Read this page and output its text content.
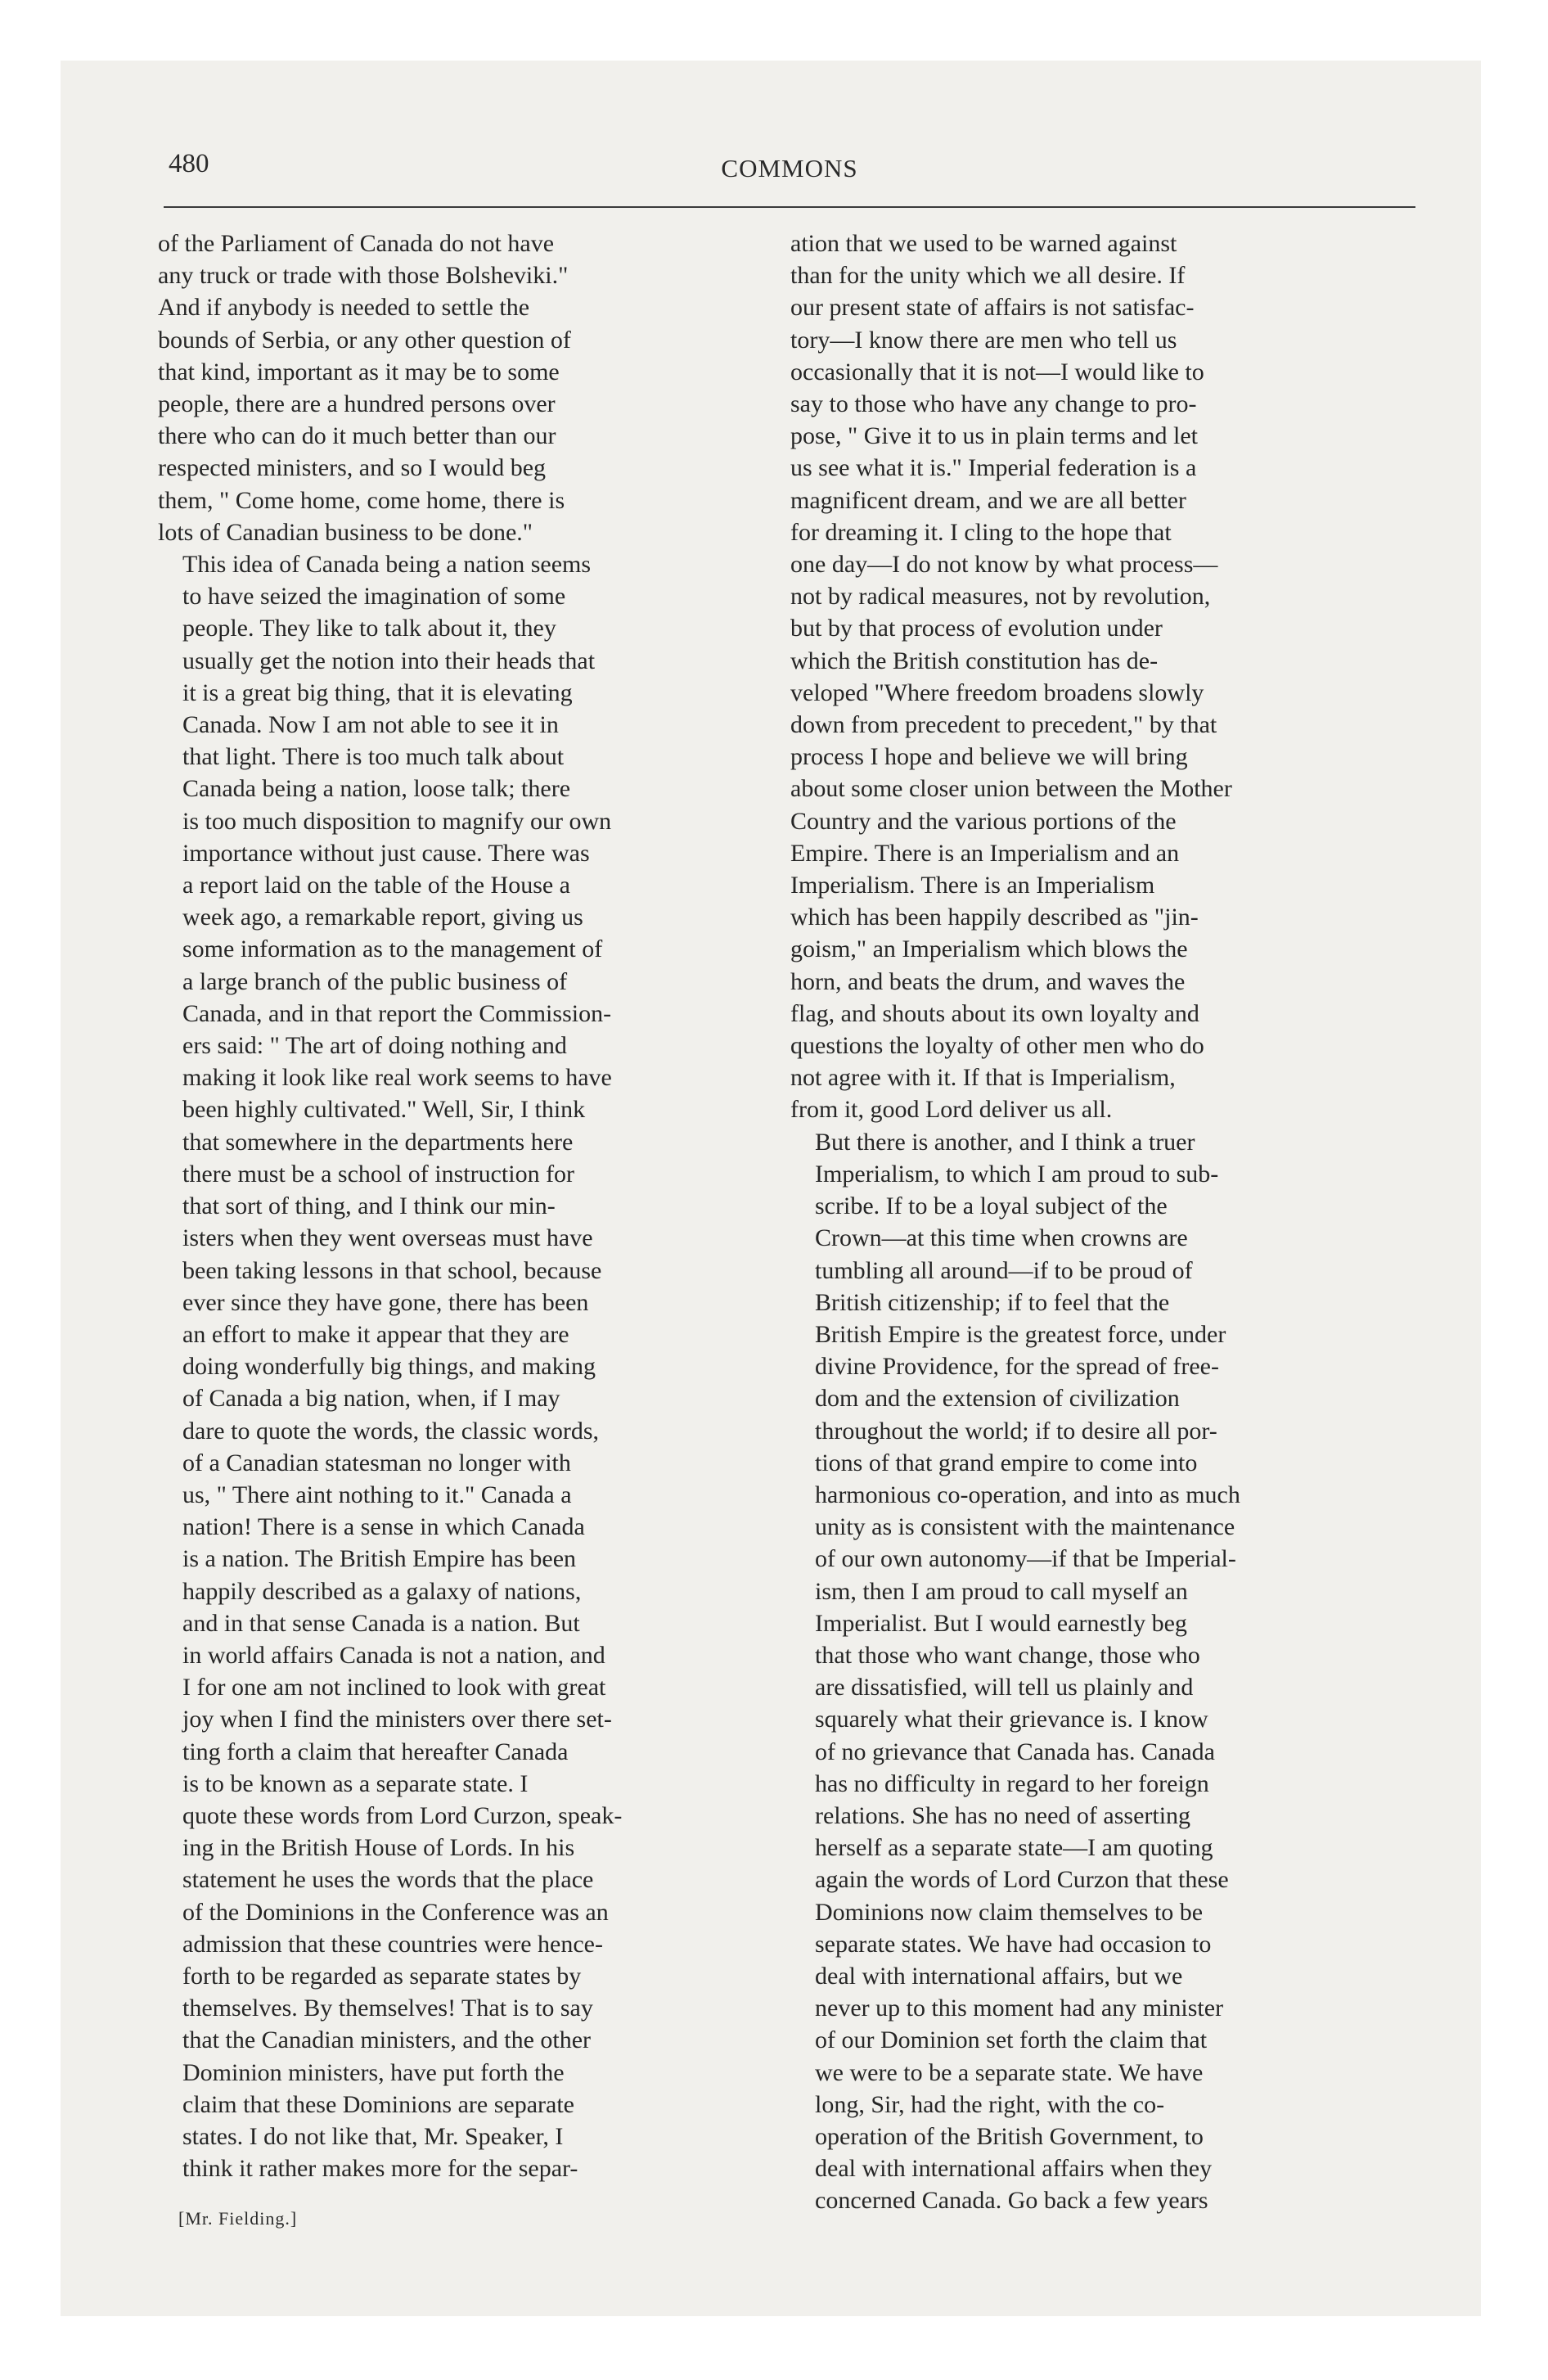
480	COMMONS

of the Parliament of Canada do not have
any truck or trade with those Bolsheviki."
And if anybody is needed to settle the
bounds of Serbia, or any other question of
that kind, important as it may be to some
people, there are a hundred persons over
there who can do it much better than our
respected ministers, and so I would beg
them, " Come home, come home, there is
lots of Canadian business to be done."

This idea of Canada being a nation seems
to have seized the imagination of some
people. They like to talk about it, they
usually get the notion into their heads that
it is a great big thing, that it is elevating
Canada. Now I am not able to see it in
that light. There is too much talk about
Canada being a nation, loose talk; there
is too much disposition to magnify our own
importance without just cause. There was
a report laid on the table of the House a
week ago, a remarkable report, giving us
some information as to the management of
a large branch of the public business of
Canada, and in that report the Commission-
ers said: " The art of doing nothing and
making it look like real work seems to have
been highly cultivated." Well, Sir, I think
that somewhere in the departments here
there must be a school of instruction for
that sort of thing, and I think our min-
isters when they went overseas must have
been taking lessons in that school, because
ever since they have gone, there has been
an effort to make it appear that they are
doing wonderfully big things, and making
of Canada a big nation, when, if I may
dare to quote the words, the classic words,
of a Canadian statesman no longer with
us, " There aint nothing to it." Canada a
nation! There is a sense in which Canada
is a nation. The British Empire has been
happily described as a galaxy of nations,
and in that sense Canada is a nation. But
in world affairs Canada is not a nation, and
I for one am not inclined to look with great
joy when I find the ministers over there set-
ting forth a claim that hereafter Canada
is to be known as a separate state. I
quote these words from Lord Curzon, speak-
ing in the British House of Lords. In his
statement he uses the words that the place
of the Dominions in the Conference was an
admission that these countries were hence-
forth to be regarded as separate states by
themselves. By themselves! That is to say
that the Canadian ministers, and the other
Dominion ministers, have put forth the
claim that these Dominions are separate
states. I do not like that, Mr. Speaker, I
think it rather makes more for the separ-

ation that we used to be warned against
than for the unity which we all desire. If
our present state of affairs is not satisfac-
tory—I know there are men who tell us
occasionally that it is not—I would like to
say to those who have any change to pro-
pose, " Give it to us in plain terms and let
us see what it is." Imperial federation is a
magnificent dream, and we are all better
for dreaming it. I cling to the hope that
one day—I do not know by what process—
not by radical measures, not by revolution,
but by that process of evolution under
which the British constitution has de-
veloped "Where freedom broadens slowly
down from precedent to precedent," by that
process I hope and believe we will bring
about some closer union between the Mother
Country and the various portions of the
Empire. There is an Imperialism and an
Imperialism. There is an Imperialism
which has been happily described as "jin-
goism," an Imperialism which blows the
horn, and beats the drum, and waves the
flag, and shouts about its own loyalty and
questions the loyalty of other men who do
not agree with it. If that is Imperialism,
from it, good Lord deliver us all.

But there is another, and I think a truer
Imperialism, to which I am proud to sub-
scribe. If to be a loyal subject of the
Crown—at this time when crowns are
tumbling all around—if to be proud of
British citizenship; if to feel that the
British Empire is the greatest force, under
divine Providence, for the spread of free-
dom and the extension of civilization
throughout the world; if to desire all por-
tions of that grand empire to come into
harmonious co-operation, and into as much
unity as is consistent with the maintenance
of our own autonomy—if that be Imperial-
ism, then I am proud to call myself an
Imperialist. But I would earnestly beg
that those who want change, those who
are dissatisfied, will tell us plainly and
squarely what their grievance is. I know
of no grievance that Canada has. Canada
has no difficulty in regard to her foreign
relations. She has no need of asserting
herself as a separate state—I am quoting
again the words of Lord Curzon that these
Dominions now claim themselves to be
separate states. We have had occasion to
deal with international affairs, but we
never up to this moment had any minister
of our Dominion set forth the claim that
we were to be a separate state. We have
long, Sir, had the right, with the co-
operation of the British Government, to
deal with international affairs when they
concerned Canada. Go back a few years

[Mr. Fielding.]
